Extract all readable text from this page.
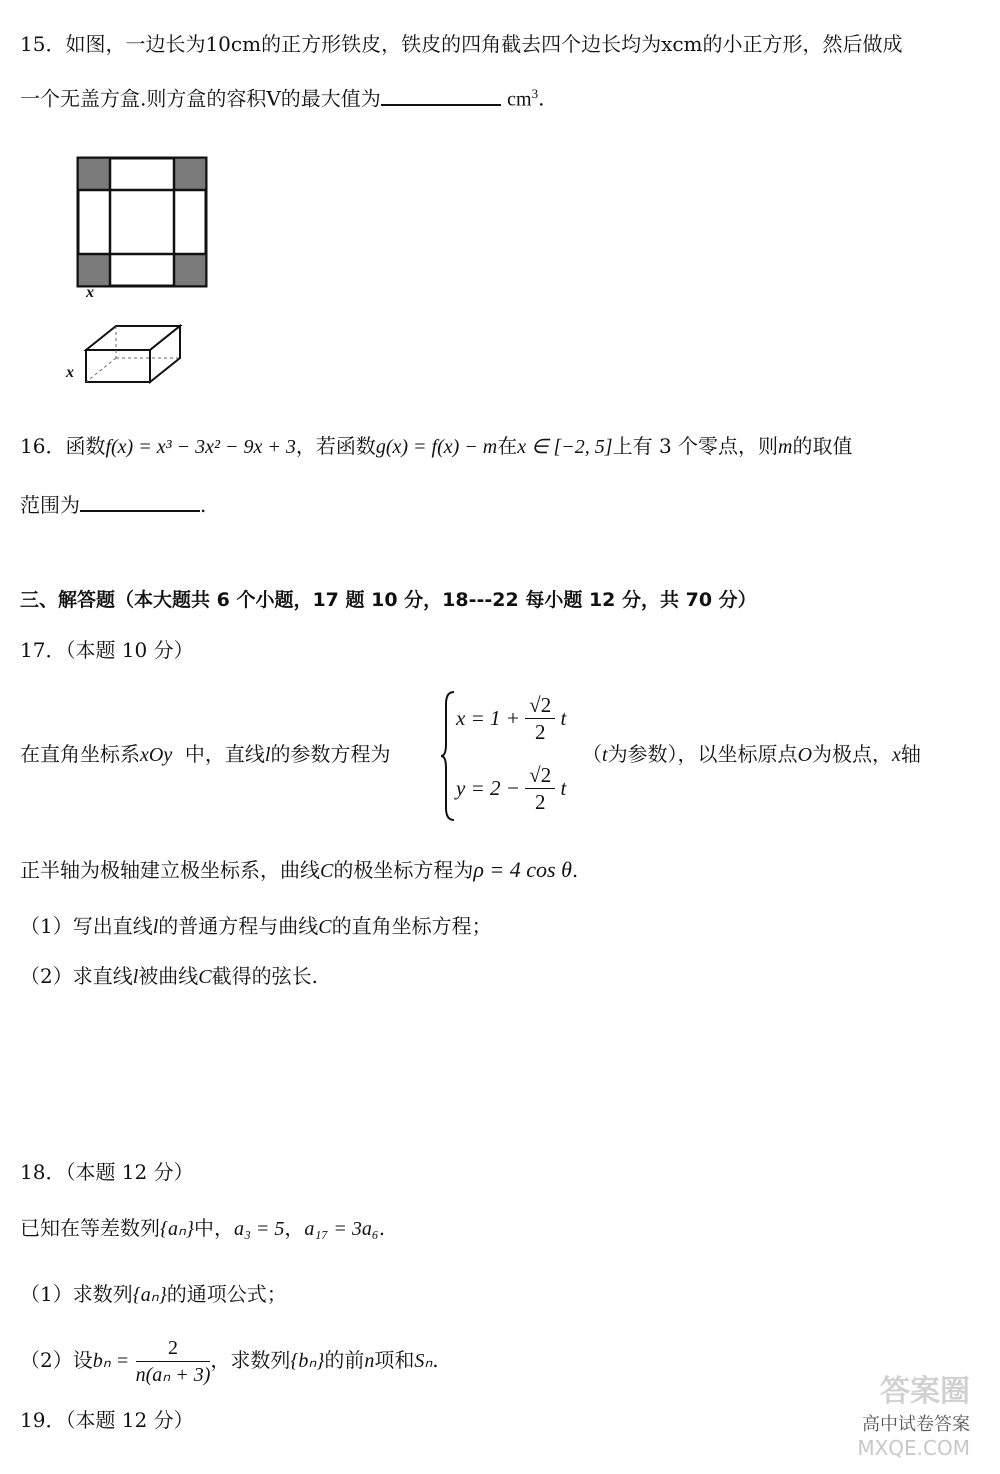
15．如图，一边长为10cm的正方形铁皮，铁皮的四角截去四个边长均为xcm的小正方形，然后做成
一个无盖方盒.则方盒的容积V的最大值为	$cm^3$.
x
x
16．函数f(x) = x³ − 3x² − 9x + 3，若函数g(x) = f(x) − m在x ∈ [−2, 5]上有 3 个零点，则m的取值
范围为	.
三、解答题（本大题共 6 个小题，17 题 10 分，18---22 每小题 12 分，共 70 分）
17．（本题 10 分）
在直角坐标系xOy 中，直线l的参数方程为
$x = 1 + \frac{√2}{2}$ t
$y = 2 - \frac{√2}{2}$ t
（t为参数），以坐标原点O为极点，x轴
正半轴为极轴建立极坐标系，曲线C的极坐标方程为ρ = 4 cos θ.
（1）写出直线l的普通方程与曲线C的直角坐标方程；
（2）求直线l被曲线C截得的弦长.
18．（本题 12 分）
已知在等差数列{aₙ}中，a₃ = 5，a₁₇ = 3a₆.
（1）求数列{aₙ}的通项公式；
（2）设$b_n = \frac{2}{\text{n(aₙ + 3)}}$ ，求数列{bₙ}的前n项和Sₙ.
19．（本题 12 分）
答案圈
高中试卷答案
MXQE.COM
